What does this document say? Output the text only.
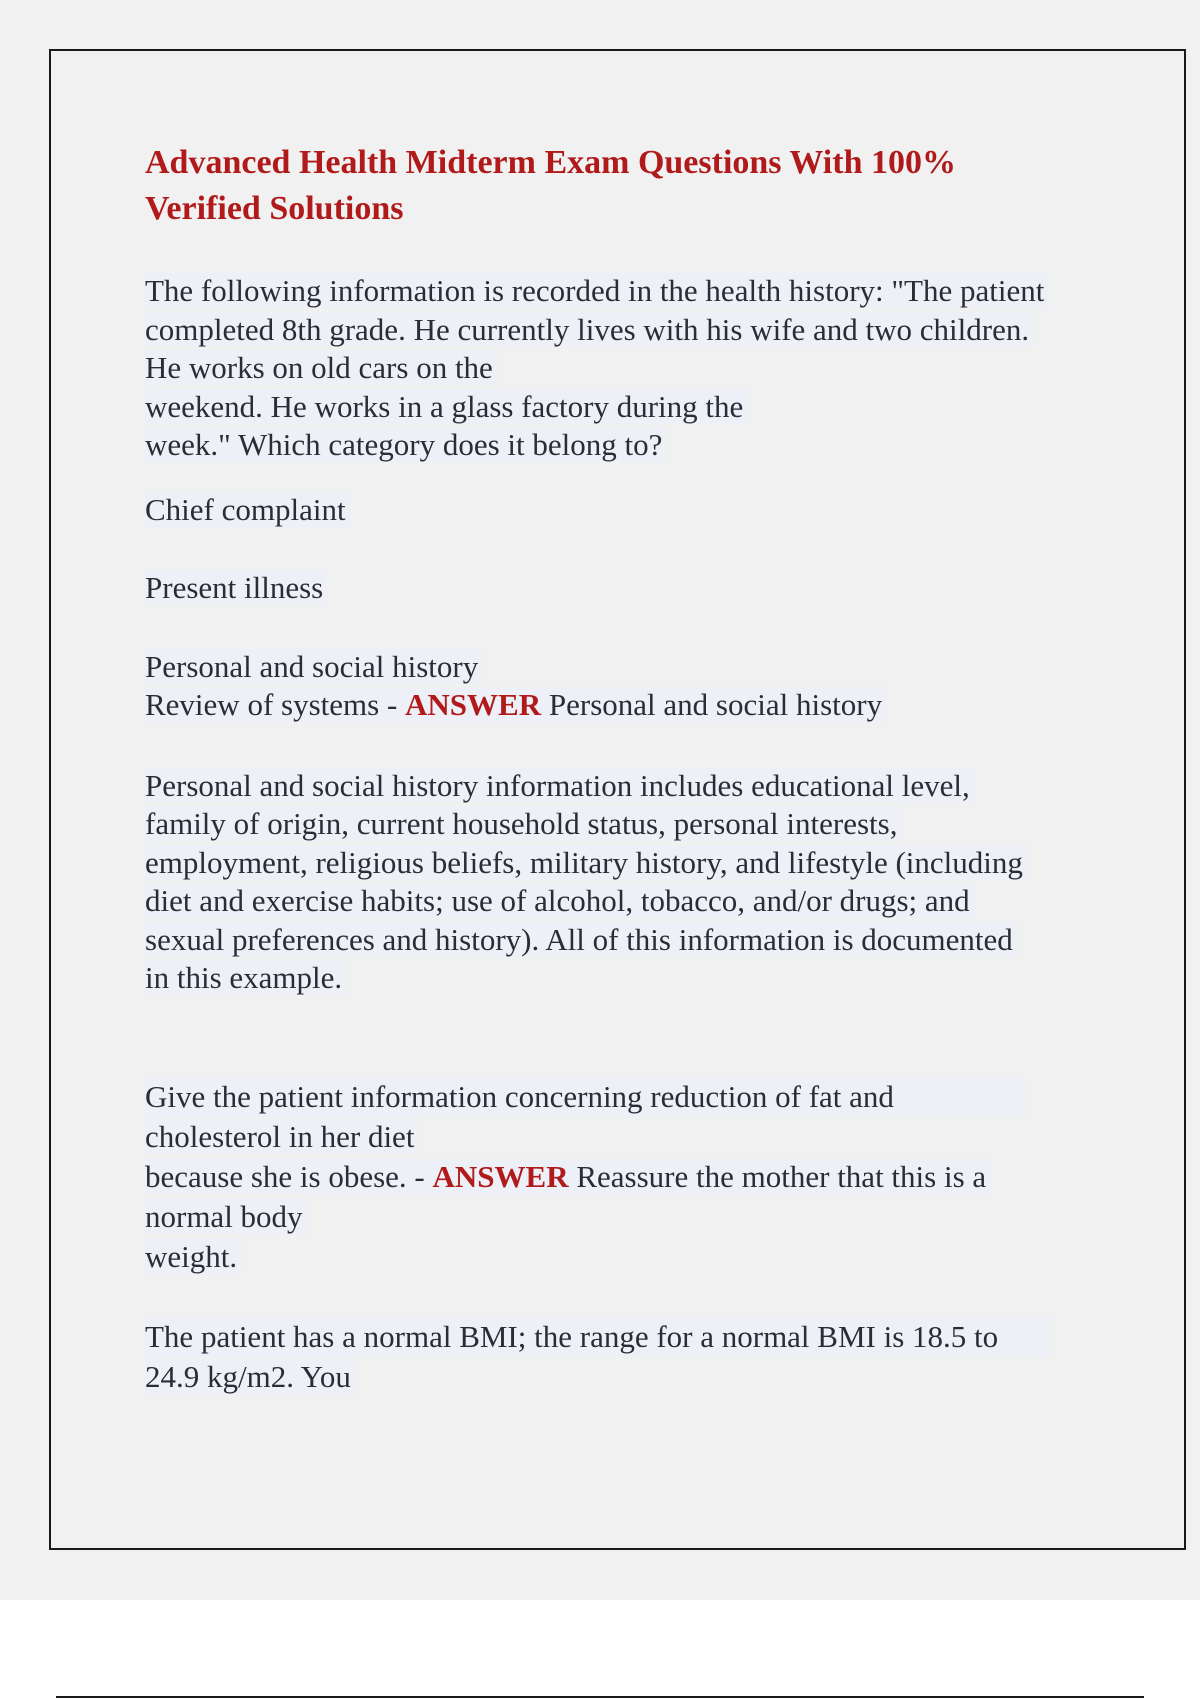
Advanced Health Midterm Exam Questions With 100%
Verified Solutions
The following information is recorded in the health history: "The patient
completed 8th grade. He currently lives with his wife and two children.
He works on old cars on the
weekend. He works in a glass factory during the
week." Which category does it belong to?
Chief complaint
Present illness
Personal and social history
Review of systems - ANSWER Personal and social history
Personal and social history information includes educational level,
family of origin, current household status, personal interests,
employment, religious beliefs, military history, and lifestyle (including
diet and exercise habits; use of alcohol, tobacco, and/or drugs; and
sexual preferences and history). All of this information is documented
in this example.
Give the patient information concerning reduction of fat and
cholesterol in her diet
because she is obese. - ANSWER Reassure the mother that this is a
normal body
weight.
The patient has a normal BMI; the range for a normal BMI is 18.5 to
24.9 kg/m2. You
